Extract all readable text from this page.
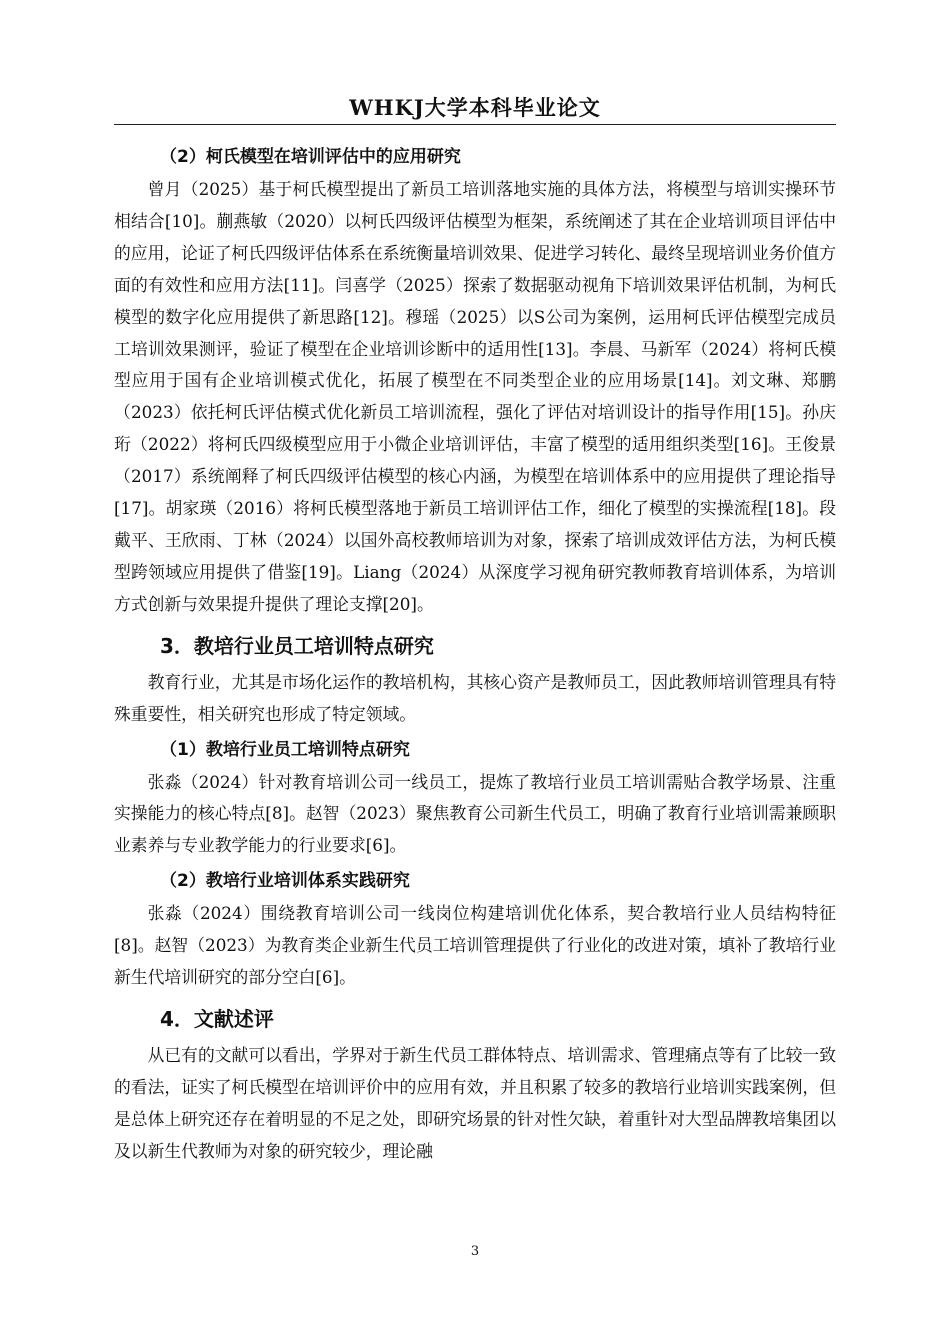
WHKJ大学本科毕业论文
（2）柯氏模型在培训评估中的应用研究

曾月（2025）基于柯氏模型提出了新员工培训落地实施的具体方法，将模型与培训实操环节相结合[10]。蒯燕敏（2020）以柯氏四级评估模型为框架，系统阐述了其在企业培训项目评估中的应用，论证了柯氏四级评估体系在系统衡量培训效果、促进学习转化、最终呈现培训业务价值方面的有效性和应用方法[11]。闫喜学（2025）探索了数据驱动视角下培训效果评估机制，为柯氏模型的数字化应用提供了新思路[12]。穆瑶（2025）以S公司为案例，运用柯氏评估模型完成员工培训效果测评，验证了模型在企业培训诊断中的适用性[13]。李晨、马新军（2024）将柯氏模型应用于国有企业培训模式优化，拓展了模型在不同类型企业的应用场景[14]。刘文琳、郑鹏（2023）依托柯氏评估模式优化新员工培训流程，强化了评估对培训设计的指导作用[15]。孙庆珩（2022）将柯氏四级模型应用于小微企业培训评估，丰富了模型的适用组织类型[16]。王俊景（2017）系统阐释了柯氏四级评估模型的核心内涵，为模型在培训体系中的应用提供了理论指导[17]。胡家瑛（2016）将柯氏模型落地于新员工培训评估工作，细化了模型的实操流程[18]。段戴平、王欣雨、丁林（2024）以国外高校教师培训为对象，探索了培训成效评估方法，为柯氏模型跨领域应用提供了借鉴[19]。Liang（2024）从深度学习视角研究教师教育培训体系，为培训方式创新与效果提升提供了理论支撑[20]。

3．教培行业员工培训特点研究

教育行业，尤其是市场化运作的教培机构，其核心资产是教师员工，因此教师培训管理具有特殊重要性，相关研究也形成了特定领域。

（1）教培行业员工培训特点研究

张淼（2024）针对教育培训公司一线员工，提炼了教培行业员工培训需贴合教学场景、注重实操能力的核心特点[8]。赵智（2023）聚焦教育公司新生代员工，明确了教育行业培训需兼顾职业素养与专业教学能力的行业要求[6]。

（2）教培行业培训体系实践研究

张淼（2024）围绕教育培训公司一线岗位构建培训优化体系，契合教培行业人员结构特征[8]。赵智（2023）为教育类企业新生代员工培训管理提供了行业化的改进对策，填补了教培行业新生代培训研究的部分空白[6]。

4．文献述评

从已有的文献可以看出，学界对于新生代员工群体特点、培训需求、管理痛点等有了比较一致的看法，证实了柯氏模型在培训评价中的应用有效，并且积累了较多的教培行业培训实践案例，但是总体上研究还存在着明显的不足之处，即研究场景的针对性欠缺，着重针对大型品牌教培集团以及以新生代教师为对象的研究较少，理论融

3
